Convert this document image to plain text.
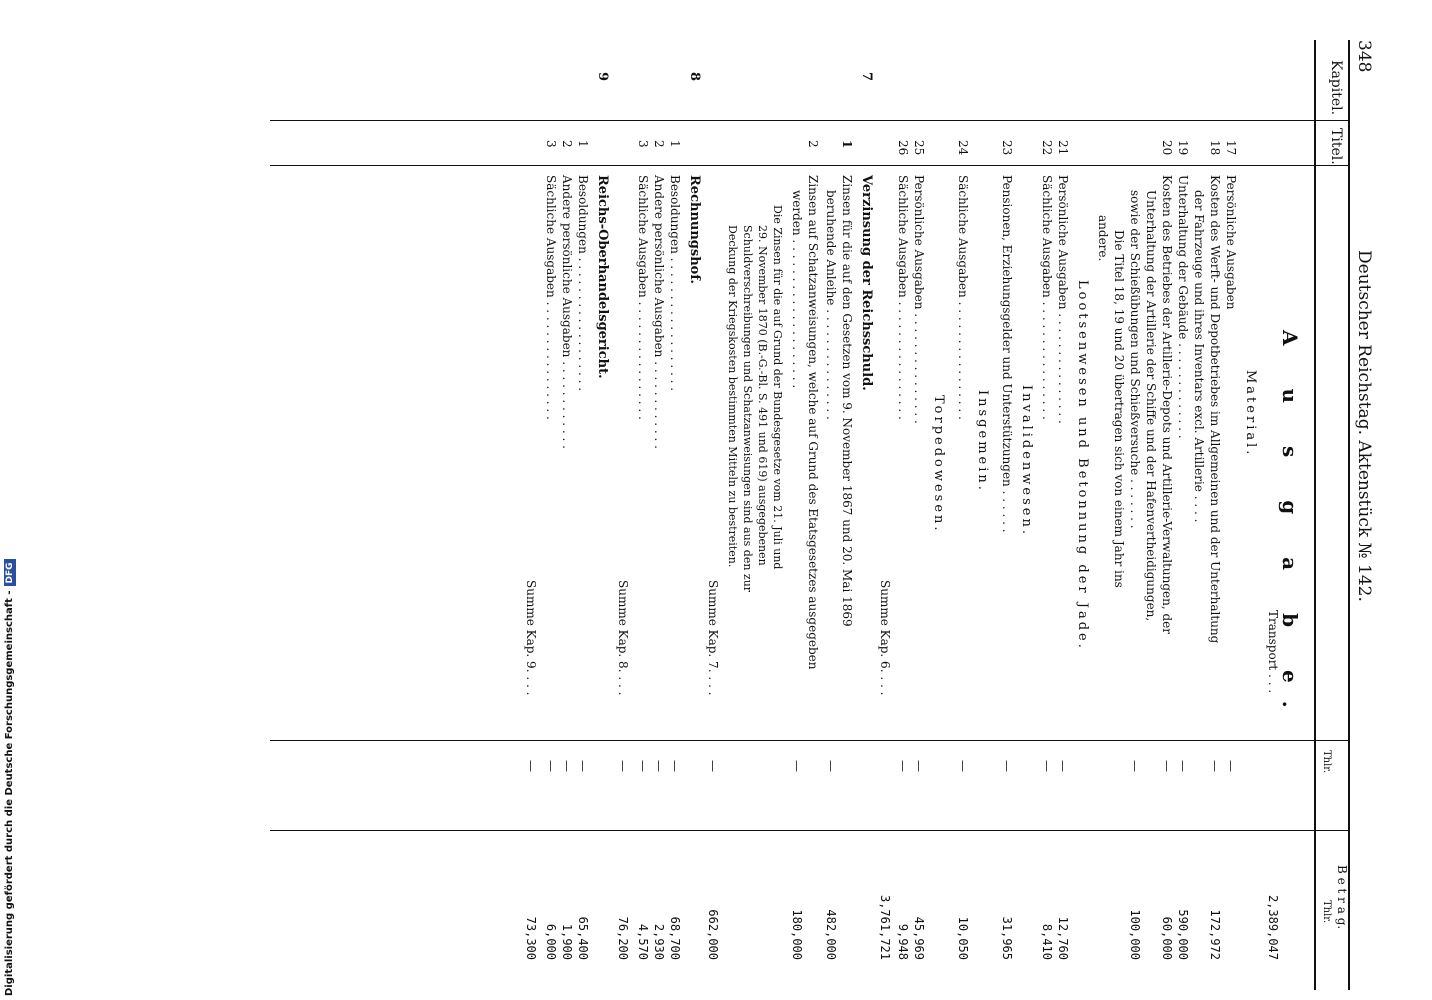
348
Deutscher Reichstag. Aktenstück № 142.
Kapitel.
Titel.
B e t r a g.
Thlr.
Thlr.
A u s g a b e.
Transport . . .
2,389,047
Material.
17
Persönliche Ausgaben
—
18
Kosten des Werft- und Depotbetriebes im Allgemeinen und der Unterhaltung
—
172,972
der Fahrzeuge und ihres Inventars excl. Artillerie . . . .
19
Unterhaltung der Gebäude . . . . . . . . . . . . .
—
590,000
20
Kosten des Betriebes der Artillerie-Depots und Artillerie-Verwaltungen, der
—
60,000
Unterhaltung der Artillerie der Schiffe und der Hafenvertheidigungen,
sowie der Schießübungen und Schießversuche . . . . . . .
—
100,000
Die Titel 18, 19 und 20 übertragen sich von einem Jahr ins
andere.
Lootsenwesen und Betonnung der Jade.
21
Persönliche Ausgaben . . . . . . . . . . . . . . .
—
12,760
22
Sächliche Ausgaben . . . . . . . . . . . . . . . .
—
8,410
Invalidenwesen.
23
Pensionen, Erziehungsgelder und Unterstützungen . . . . . .
—
31,965
Insgemein.
24
Sächliche Ausgaben . . . . . . . . . . . . . . . .
—
10,050
Torpedowesen.
25
Persönliche Ausgaben . . . . . . . . . . . . . . .
—
45,969
26
Sächliche Ausgaben . . . . . . . . . . . . . . . .
—
9,948
Summe Kap. 6. . . .
3,761,721
7
Verzinsung der Reichsschuld.
1
Zinsen für die auf den Gesetzen vom 9. November 1867 und 20. Mai 1869
beruhende Anleihe . . . . . . . . . . . . . . .
—
482,000
2
Zinsen auf Schatzanweisungen, welche auf Grund des Etatsgesetzes ausgegeben
werden . . . . . . . . . . . . . . . . . . . .
—
180,000
Die Zinsen für die auf Grund der Bundesgesetze vom 21. Juli und
29. November 1870 (B.-G.-Bl. S. 491 und 619) ausgegebenen
Schuldverschreibungen und Schatzanweisungen sind aus den zur
Deckung der Kriegskosten bestimmten Mitteln zu bestreiten.
Summe Kap. 7. . . .
—
662,000
8
Rechnungshof.
1
Besoldungen . . . . . . . . . . . . . . . . . .
—
68,700
2
Andere persönliche Ausgaben . . . . . . . . . . . .
—
2,930
3
Sächliche Ausgaben . . . . . . . . . . . . . . . .
—
4,570
Summe Kap. 8. . . .
—
76,200
9
Reichs-Oberhandelsgericht.
1
Besoldungen . . . . . . . . . . . . . . . . . .
—
65,400
2
Andere persönliche Ausgaben . . . . . . . . . . . .
—
1,900
3
Sächliche Ausgaben . . . . . . . . . . . . . . . .
—
6,000
Summe Kap. 9. . . .
—
73,300
Digitalisierung gefördert durch die Deutsche Forschungsgemeinschaft -DFG
